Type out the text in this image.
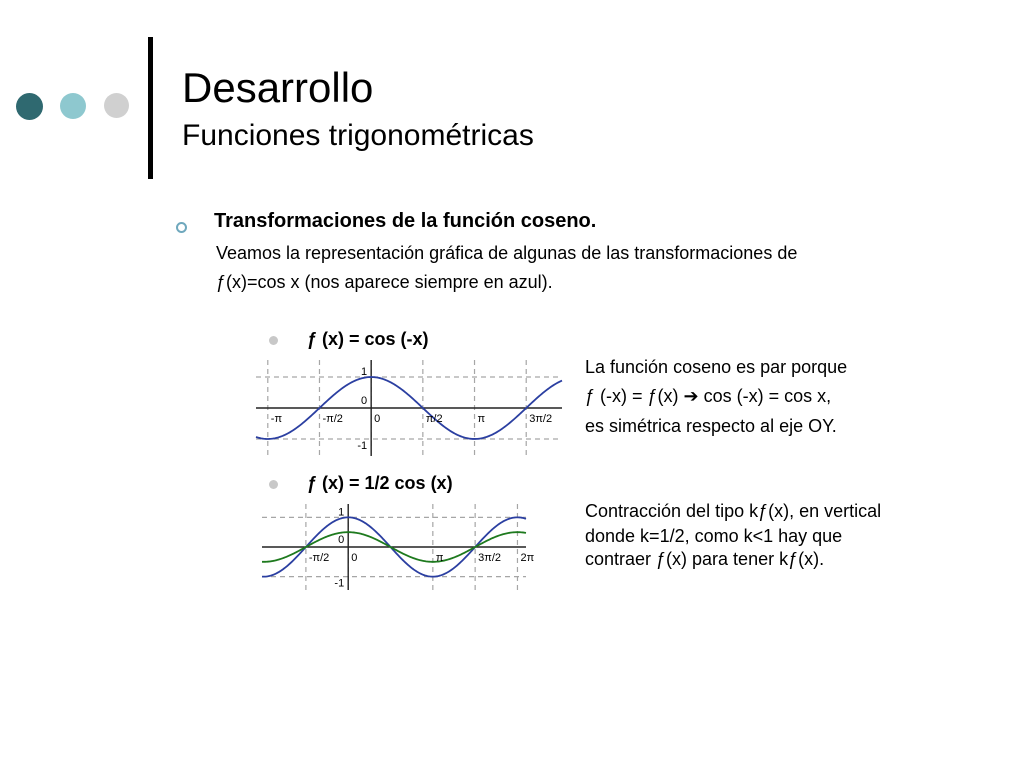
Desarrollo
Funciones trigonométricas
Transformaciones de la función coseno.
Veamos la representación gráfica de algunas de las transformaciones de
ƒ(x)=cos x (nos aparece siempre en azul).
ƒ (x) = cos (-x)
-π	-π/2	0	π/2	π	3π/2
1
0
-1
La función coseno es par porque
ƒ (-x) = ƒ(x) ➔ cos (-x) = cos x,
es simétrica respecto al eje OY.
ƒ (x) = 1/2 cos (x)
-π/2 0	π	3π/2 2π
1
0
-1
Contracción del tipo kƒ(x), en vertical
donde k=1/2, como k<1 hay que
contraer ƒ(x) para tener kƒ(x).
